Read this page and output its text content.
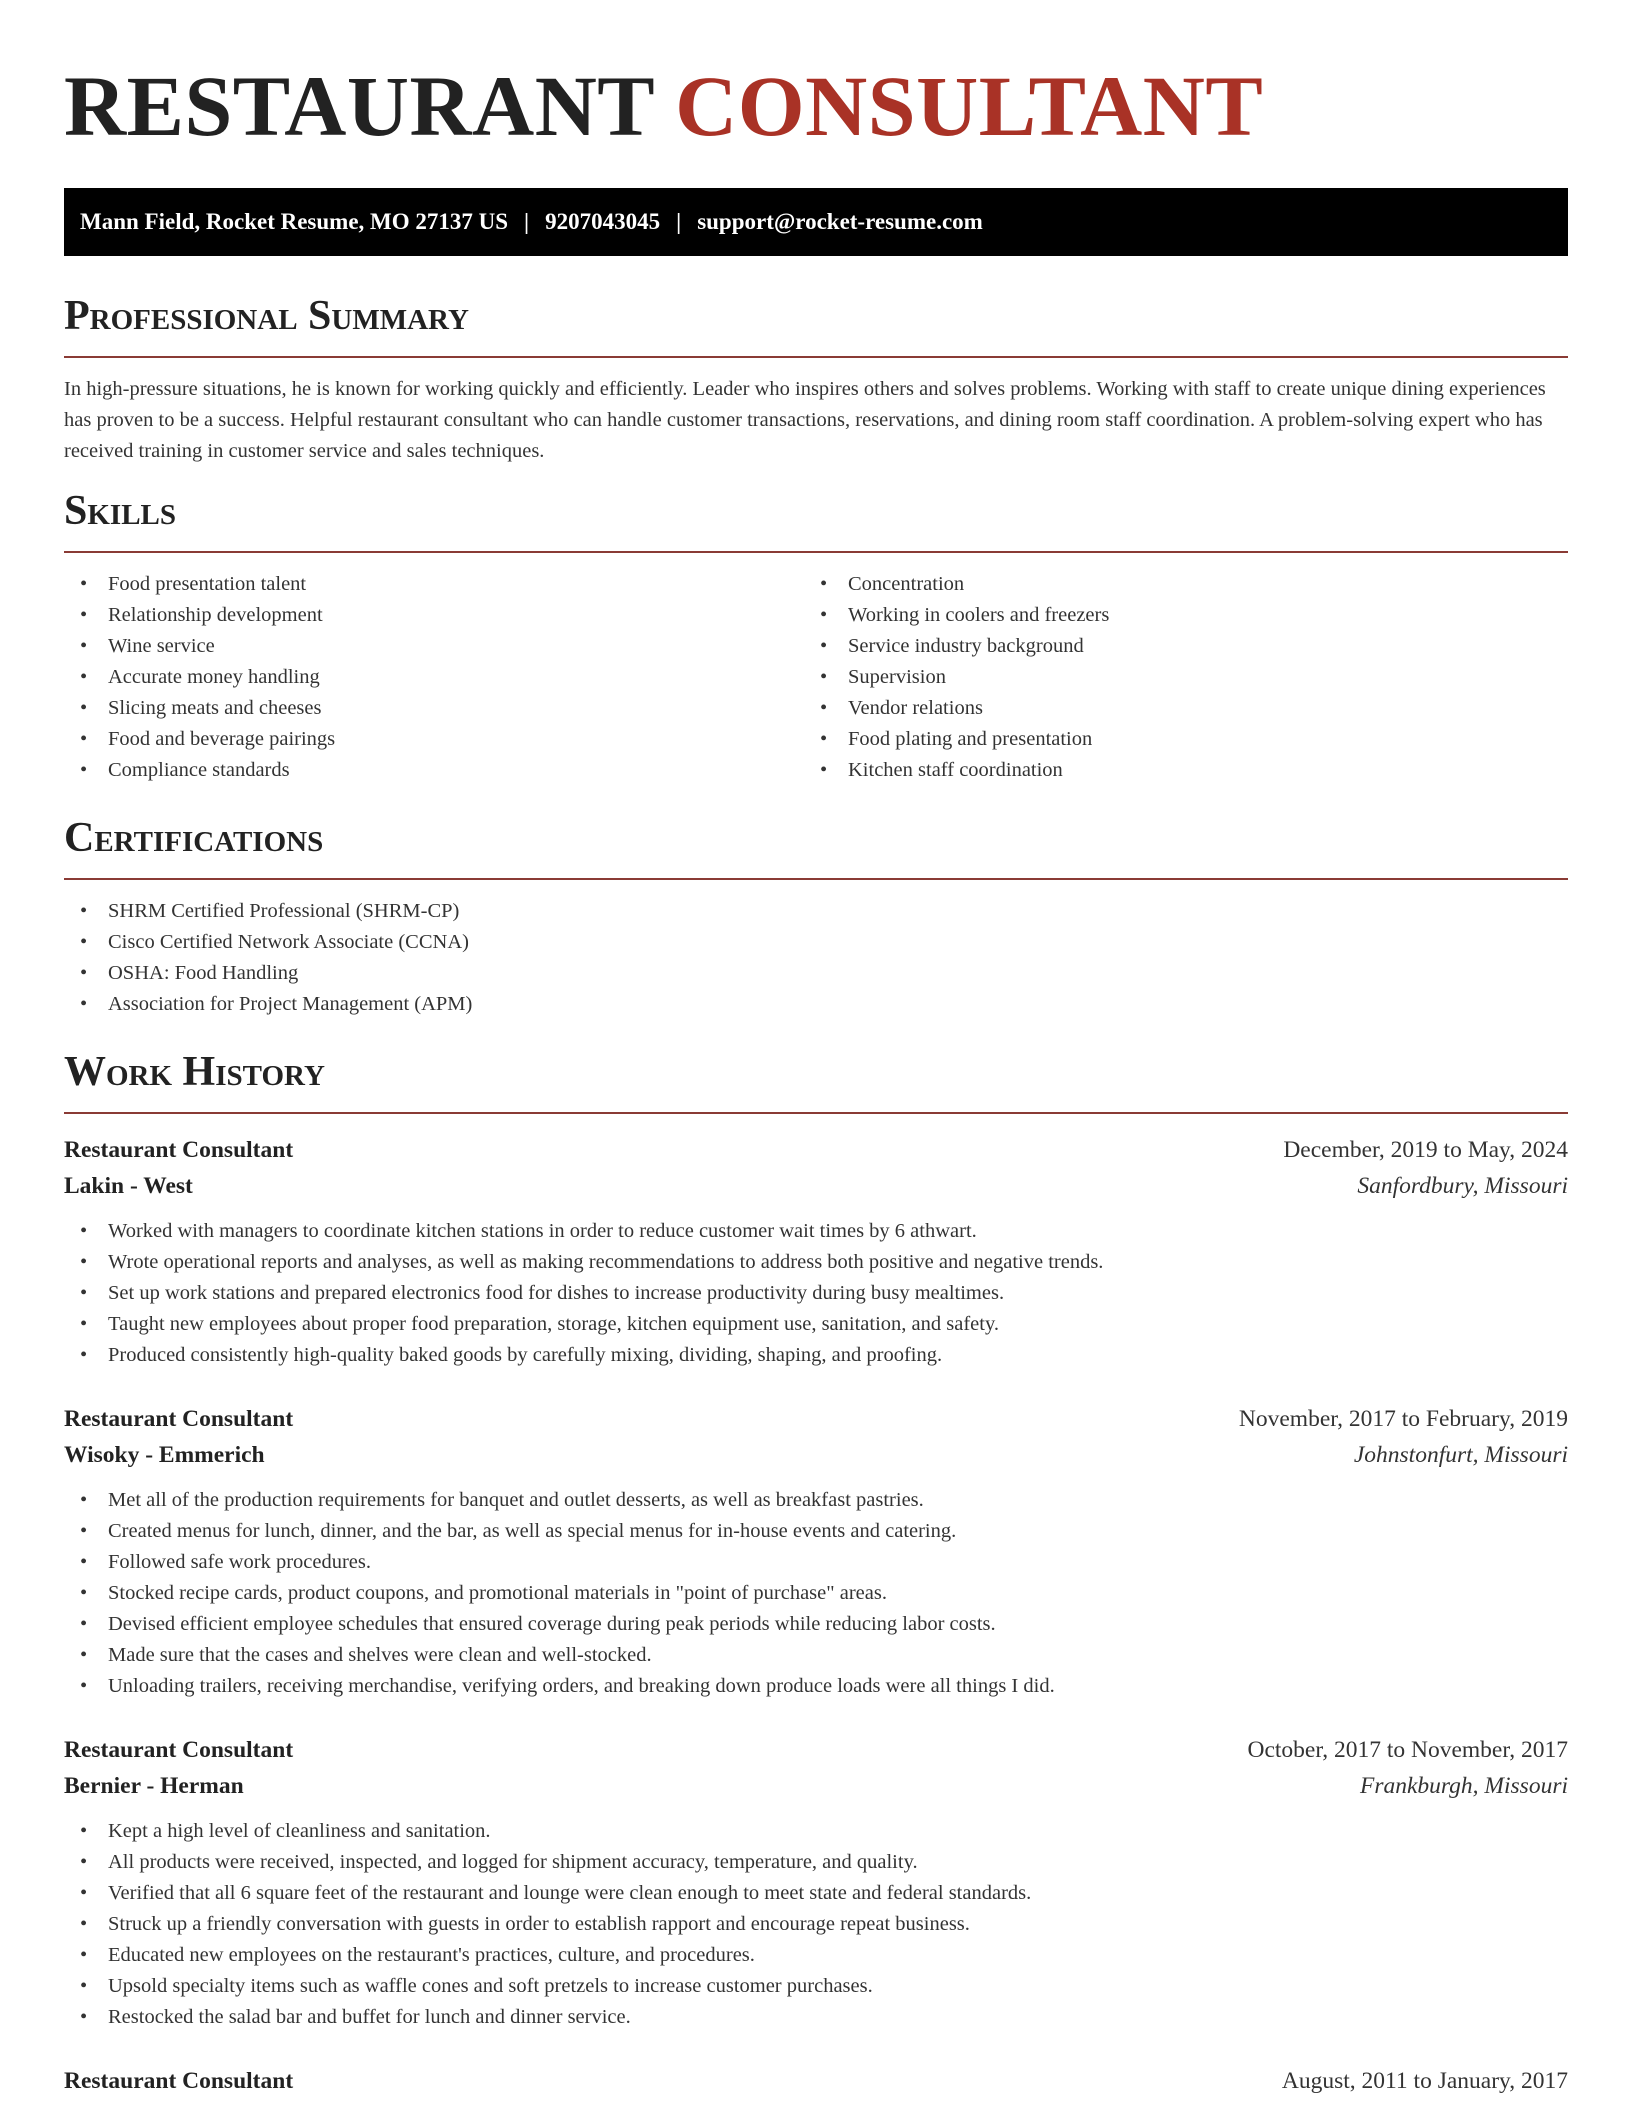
RESTAURANT CONSULTANT
Mann Field, Rocket Resume, MO 27137 US | 9207043045 | support@rocket-resume.com
Professional Summary

In high-pressure situations, he is known for working quickly and efficiently. Leader who inspires others and solves problems. Working with staff to create unique dining experiences has proven to be a success. Helpful restaurant consultant who can handle customer transactions, reservations, and dining room staff coordination. A problem-solving expert who has received training in customer service and sales techniques.

Skills
• Food presentation talent
• Relationship development
• Wine service
• Accurate money handling
• Slicing meats and cheeses
• Food and beverage pairings
• Compliance standards
• Concentration
• Working in coolers and freezers
• Service industry background
• Supervision
• Vendor relations
• Food plating and presentation
• Kitchen staff coordination
Certifications
• SHRM Certified Professional (SHRM-CP)
• Cisco Certified Network Associate (CCNA)
• OSHA: Food Handling
• Association for Project Management (APM)
Work History
Restaurant Consultant	December, 2019 to May, 2024
Lakin - West	Sanfordbury, Missouri
• Worked with managers to coordinate kitchen stations in order to reduce customer wait times by 6 athwart.
• Wrote operational reports and analyses, as well as making recommendations to address both positive and negative trends.
• Set up work stations and prepared electronics food for dishes to increase productivity during busy mealtimes.
• Taught new employees about proper food preparation, storage, kitchen equipment use, sanitation, and safety.
• Produced consistently high-quality baked goods by carefully mixing, dividing, shaping, and proofing.
Restaurant Consultant	November, 2017 to February, 2019
Wisoky - Emmerich	Johnstonfurt, Missouri
• Met all of the production requirements for banquet and outlet desserts, as well as breakfast pastries.
• Created menus for lunch, dinner, and the bar, as well as special menus for in-house events and catering.
• Followed safe work procedures.
• Stocked recipe cards, product coupons, and promotional materials in "point of purchase" areas.
• Devised efficient employee schedules that ensured coverage during peak periods while reducing labor costs.
• Made sure that the cases and shelves were clean and well-stocked.
• Unloading trailers, receiving merchandise, verifying orders, and breaking down produce loads were all things I did.
Restaurant Consultant	October, 2017 to November, 2017
Bernier - Herman	Frankburgh, Missouri
• Kept a high level of cleanliness and sanitation.
• All products were received, inspected, and logged for shipment accuracy, temperature, and quality.
• Verified that all 6 square feet of the restaurant and lounge were clean enough to meet state and federal standards.
• Struck up a friendly conversation with guests in order to establish rapport and encourage repeat business.
• Educated new employees on the restaurant's practices, culture, and procedures.
• Upsold specialty items such as waffle cones and soft pretzels to increase customer purchases.
• Restocked the salad bar and buffet for lunch and dinner service.
Restaurant Consultant	August, 2011 to January, 2017
